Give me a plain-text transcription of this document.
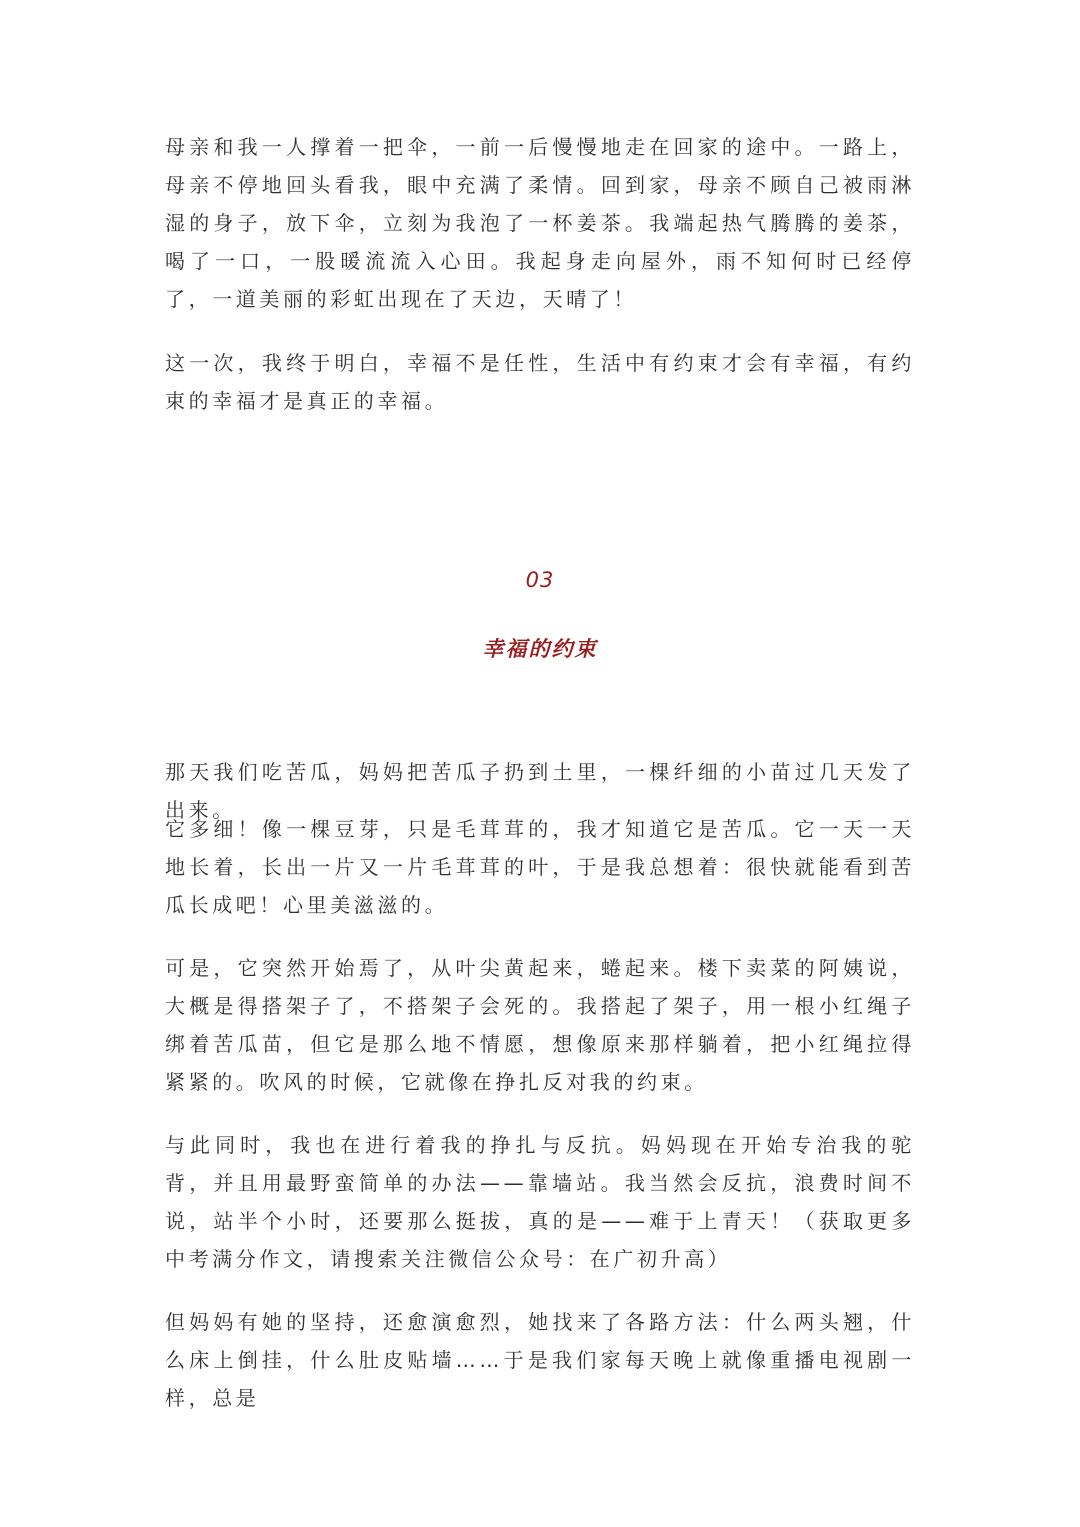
母亲和我一人撑着一把伞，一前一后慢慢地走在回家的途中。一路上，母亲不停地回头看我，眼中充满了柔情。回到家，母亲不顾自己被雨淋湿的身子，放下伞，立刻为我泡了一杯姜茶。我端起热气腾腾的姜茶，喝了一口，一股暖流流入心田。我起身走向屋外，雨不知何时已经停了，一道美丽的彩虹出现在了天边，天晴了！

这一次，我终于明白，幸福不是任性，生活中有约束才会有幸福，有约束的幸福才是真正的幸福。

那天我们吃苦瓜，妈妈把苦瓜子扔到土里，一棵纤细的小苗过几天发了出来。

它多细！像一棵豆芽，只是毛茸茸的，我才知道它是苦瓜。它一天一天地长着，长出一片又一片毛茸茸的叶，于是我总想着：很快就能看到苦瓜长成吧！心里美滋滋的。

可是，它突然开始焉了，从叶尖黄起来，蜷起来。楼下卖菜的阿姨说，大概是得搭架子了，不搭架子会死的。我搭起了架子，用一根小红绳子绑着苦瓜苗，但它是那么地不情愿，想像原来那样躺着，把小红绳拉得紧紧的。吹风的时候，它就像在挣扎反对我的约束。

与此同时，我也在进行着我的挣扎与反抗。妈妈现在开始专治我的驼背，并且用最野蛮简单的办法——靠墙站。我当然会反抗，浪费时间不说，站半个小时，还要那么挺拔，真的是——难于上青天！（获取更多中考满分作文，请搜索关注微信公众号：在广初升高）

但妈妈有她的坚持，还愈演愈烈，她找来了各路方法：什么两头翘，什么床上倒挂，什么肚皮贴墙……于是我们家每天晚上就像重播电视剧一样，总是

03
幸福的约束
